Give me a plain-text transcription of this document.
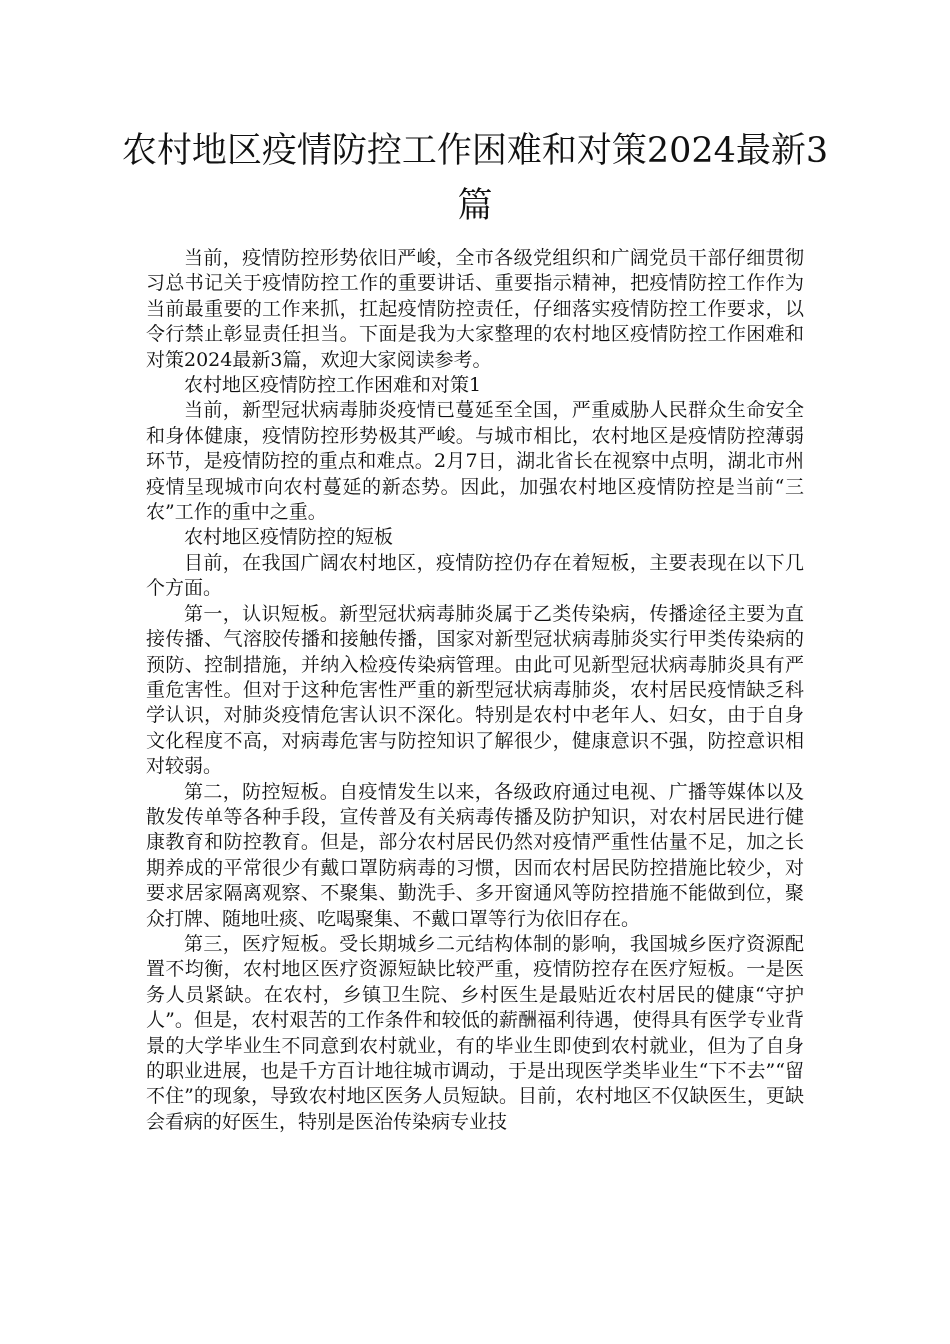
农村地区疫情防控工作困难和对策2024最新3篇

当前，疫情防控形势依旧严峻，全市各级党组织和广阔党员干部仔细贯彻习总书记关于疫情防控工作的重要讲话、重要指示精神，把疫情防控工作作为当前最重要的工作来抓，扛起疫情防控责任，仔细落实疫情防控工作要求，以令行禁止彰显责任担当。下面是我为大家整理的农村地区疫情防控工作困难和对策2024最新3篇，欢迎大家阅读参考。

农村地区疫情防控工作困难和对策1

当前，新型冠状病毒肺炎疫情已蔓延至全国，严重威胁人民群众生命安全和身体健康，疫情防控形势极其严峻。与城市相比，农村地区是疫情防控薄弱环节，是疫情防控的重点和难点。2月7日，湖北省长在视察中点明，湖北市州疫情呈现城市向农村蔓延的新态势。因此，加强农村地区疫情防控是当前“三农”工作的重中之重。

农村地区疫情防控的短板

目前，在我国广阔农村地区，疫情防控仍存在着短板，主要表现在以下几个方面。

第一，认识短板。新型冠状病毒肺炎属于乙类传染病，传播途径主要为直接传播、气溶胶传播和接触传播，国家对新型冠状病毒肺炎实行甲类传染病的预防、控制措施，并纳入检疫传染病管理。由此可见新型冠状病毒肺炎具有严重危害性。但对于这种危害性严重的新型冠状病毒肺炎，农村居民疫情缺乏科学认识，对肺炎疫情危害认识不深化。特别是农村中老年人、妇女，由于自身文化程度不高，对病毒危害与防控知识了解很少，健康意识不强，防控意识相对较弱。

第二，防控短板。自疫情发生以来，各级政府通过电视、广播等媒体以及散发传单等各种手段，宣传普及有关病毒传播及防护知识，对农村居民进行健康教育和防控教育。但是，部分农村居民仍然对疫情严重性估量不足，加之长期养成的平常很少有戴口罩防病毒的习惯，因而农村居民防控措施比较少，对要求居家隔离观察、不聚集、勤洗手、多开窗通风等防控措施不能做到位，聚众打牌、随地吐痰、吃喝聚集、不戴口罩等行为依旧存在。

第三，医疗短板。受长期城乡二元结构体制的影响，我国城乡医疗资源配置不均衡，农村地区医疗资源短缺比较严重，疫情防控存在医疗短板。一是医务人员紧缺。在农村，乡镇卫生院、乡村医生是最贴近农村居民的健康“守护人”。但是，农村艰苦的工作条件和较低的薪酬福利待遇，使得具有医学专业背景的大学毕业生不同意到农村就业，有的毕业生即使到农村就业，但为了自身的职业进展，也是千方百计地往城市调动，于是出现医学类毕业生“下不去”“留不住”的现象，导致农村地区医务人员短缺。目前，农村地区不仅缺医生，更缺会看病的好医生，特别是医治传染病专业技
